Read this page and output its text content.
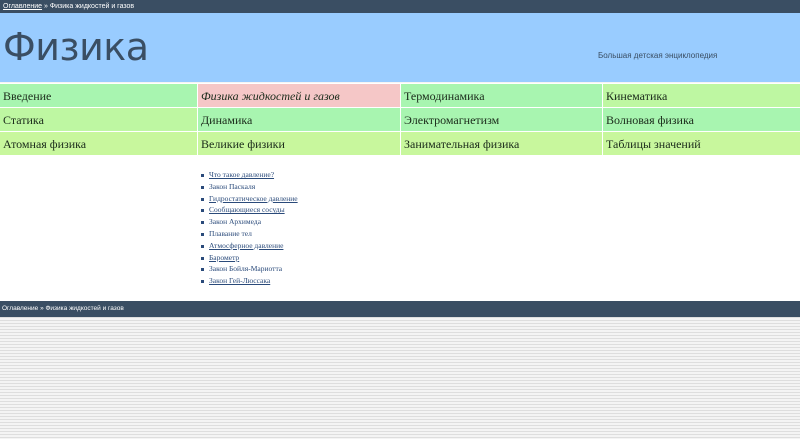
Оглавление » Физика жидкостей и газов
Физика	Большая детская энциклопедия
Введение	Физика жидкостей и газов	Термодинамика	Кинематика
Статика	Динамика	Электромагнетизм	Волновая физика
Атомная физика	Великие физики	Занимательная физика	Таблицы значений
Что такое давление?
Закон Паскаля
Гидростатическое давление
Сообщающиеся сосуды
Закон Архимеда
Плавание тел
Атмосферное давление
Барометр
Закон Бойля-Мариотта
Закон Гей-Люссака
Оглавление » Физика жидкостей и газов
